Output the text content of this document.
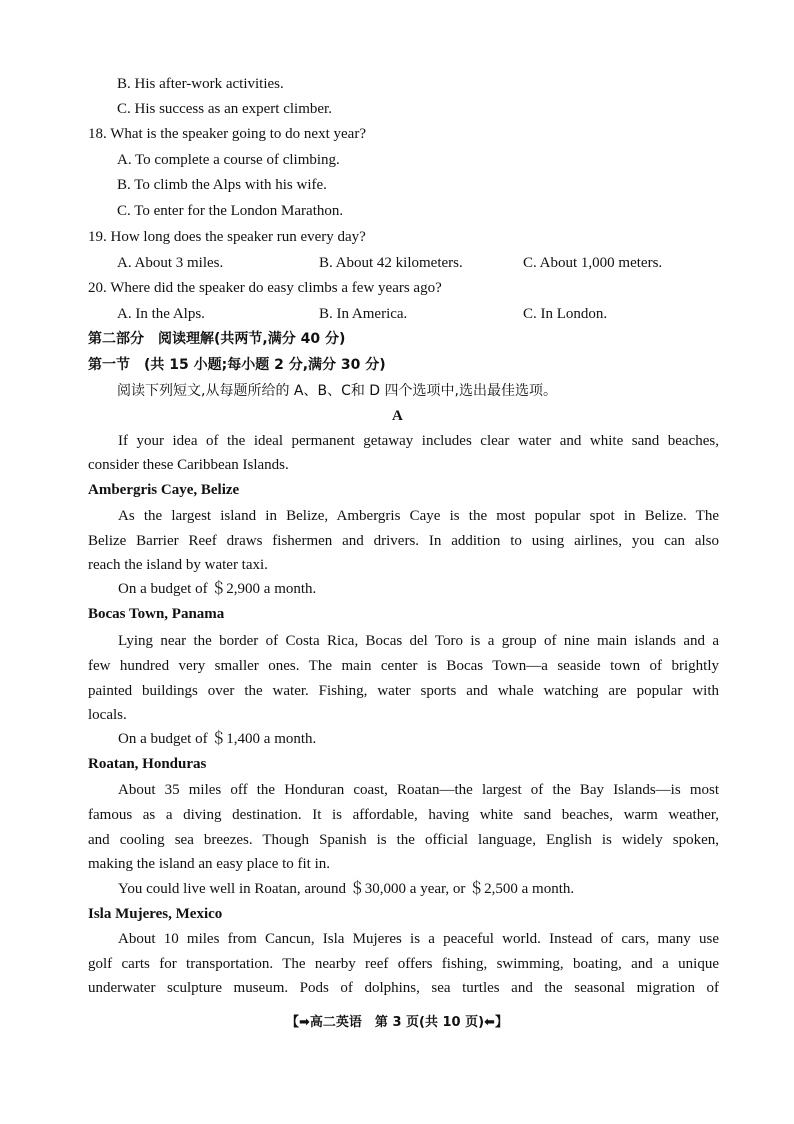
B. His after-work activities.
C. His success as an expert climber.
18. What is the speaker going to do next year?
A. To complete a course of climbing.
B. To climb the Alps with his wife.
C. To enter for the London Marathon.
19. How long does the speaker run every day?
A. About 3 miles.	B. About 42 kilometers.	C. About 1,000 meters.
20. Where did the speaker do easy climbs a few years ago?
A. In the Alps.	B. In America.	C. In London.
第二部分　阅读理解(共两节,满分 40 分)
第一节　(共 15 小题;每小题 2 分,满分 30 分)
阅读下列短文,从每题所给的 A、B、C和 D 四个选项中,选出最佳选项。
A
If your idea of the ideal permanent getaway includes clear water and white sand beaches,
consider these Caribbean Islands.
Ambergris Caye, Belize
As the largest island in Belize, Ambergris Caye is the most popular spot in Belize. The
Belize Barrier Reef draws fishermen and drivers. In addition to using airlines, you can also
reach the island by water taxi.
On a budget of ＄2,900 a month.
Bocas Town, Panama
Lying near the border of Costa Rica, Bocas del Toro is a group of nine main islands and a
few hundred very smaller ones. The main center is Bocas Town—a seaside town of brightly
painted buildings over the water. Fishing, water sports and whale watching are popular with
locals.
On a budget of ＄1,400 a month.
Roatan, Honduras
About 35 miles off the Honduran coast, Roatan—the largest of the Bay Islands—is most
famous as a diving destination. It is affordable, having white sand beaches, warm weather,
and cooling sea breezes. Though Spanish is the official language, English is widely spoken,
making the island an easy place to fit in.
You could live well in Roatan, around ＄30,000 a year, or ＄2,500 a month.
Isla Mujeres, Mexico
About 10 miles from Cancun, Isla Mujeres is a peaceful world. Instead of cars, many use
golf carts for transportation. The nearby reef offers fishing, swimming, boating, and a unique
underwater sculpture museum. Pods of dolphins, sea turtles and the seasonal migration of
【➡高二英语　第 3 页(共 10 页)⬅】
